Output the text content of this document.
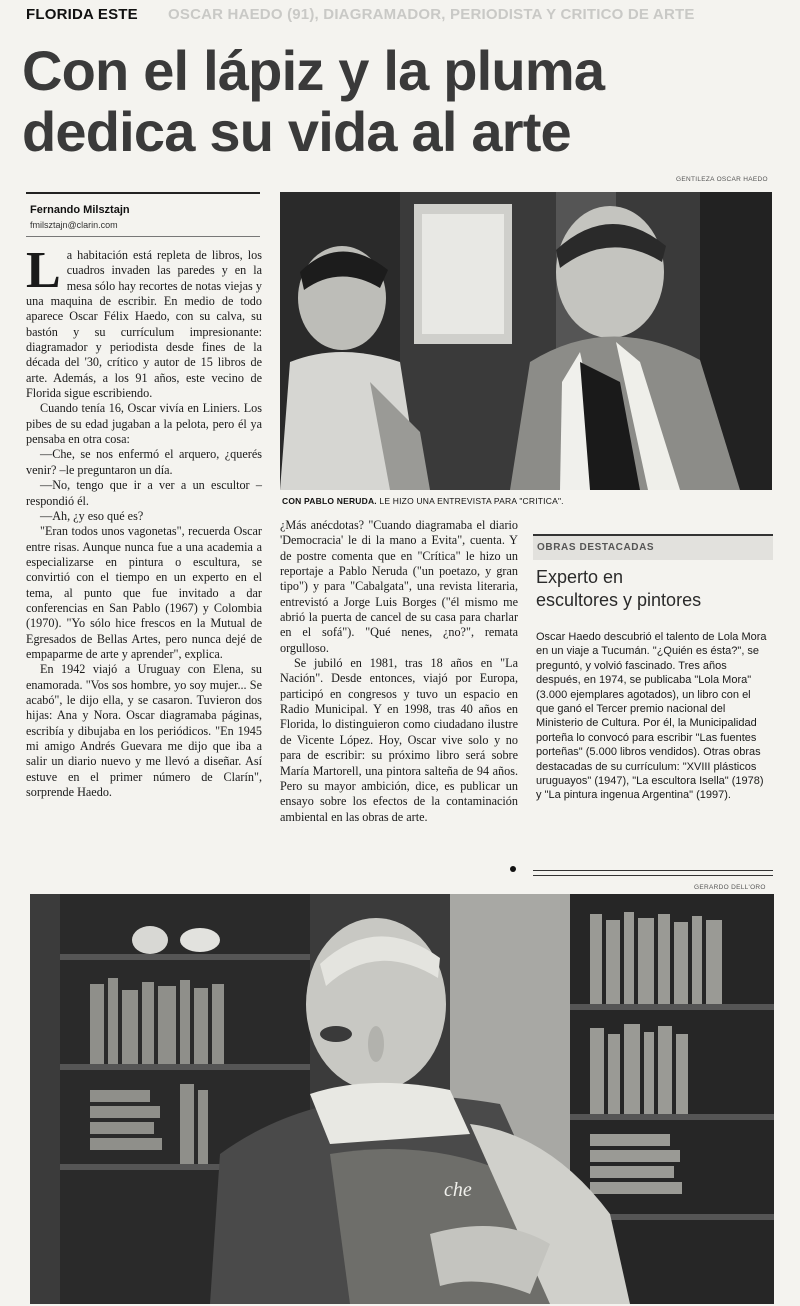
FLORIDA ESTE OSCAR HAEDO (91), DIAGRAMADOR, PERIODISTA Y CRITICO DE ARTE
Con el lápiz y la pluma
dedica su vida al arte
GENTILEZA OSCAR HAEDO
Fernando Milsztajn
fmilsztajn@clarin.com

La habitación está repleta de libros, los cuadros invaden las paredes y en la mesa sólo hay recortes de notas viejas y una maquina de escribir. En medio de todo aparece Oscar Félix Haedo, con su calva, su bastón y su currículum impresionante: diagramador y periodista desde fines de la década del '30, crítico y autor de 15 libros de arte. Además, a los 91 años, este vecino de Florida sigue escribiendo.

Cuando tenía 16, Oscar vivía en Liniers. Los pibes de su edad jugaban a la pelota, pero él ya pensaba en otra cosa:

—Che, se nos enfermó el arquero, ¿querés venir? –le preguntaron un día.

—No, tengo que ir a ver a un escultor –respondió él.

—Ah, ¿y eso qué es?

"Eran todos unos vagonetas", recuerda Oscar entre risas. Aunque nunca fue a una academia a especializarse en pintura o escultura, se convirtió con el tiempo en un experto en el tema, al punto que fue invitado a dar conferencias en San Pablo (1967) y Colombia (1970). "Yo sólo hice frescos en la Mutual de Egresados de Bellas Artes, pero nunca dejé de empaparme de arte y aprender", explica.

En 1942 viajó a Uruguay con Elena, su enamorada. "Vos sos hombre, yo soy mujer... Se acabó", le dijo ella, y se casaron. Tuvieron dos hijas: Ana y Nora. Oscar diagramaba páginas, escribía y dibujaba en los periódicos. "En 1945 mi amigo Andrés Guevara me dijo que iba a salir un diario nuevo y me llevó a diseñar. Así estuve en el primer número de Clarín", sorprende Haedo.

CON PABLO NERUDA. LE HIZO UNA ENTREVISTA PARA "CRITICA".

¿Más anécdotas? "Cuando diagramaba el diario 'Democracia' le di la mano a Evita", cuenta. Y de postre comenta que en "Crítica" le hizo un reportaje a Pablo Neruda ("un poetazo, y gran tipo") y para "Cabalgata", una revista literaria, entrevistó a Jorge Luis Borges ("él mismo me abrió la puerta de cancel de su casa para charlar en el sofá"). "Qué nenes, ¿no?", remata orgulloso.

Se jubiló en 1981, tras 18 años en "La Nación". Desde entonces, viajó por Europa, participó en congresos y tuvo un espacio en Radio Municipal. Y en 1998, tras 40 años en Florida, lo distinguieron como ciudadano ilustre de Vicente López. Hoy, Oscar vive solo y no para de escribir: su próximo libro será sobre María Martorell, una pintora salteña de 94 años. Pero su mayor ambición, dice, es publicar un ensayo sobre los efectos de la contaminación ambiental en las obras de arte.

OBRAS DESTACADAS
Experto en
escultores y pintores
Oscar Haedo descubrió el talento de Lola Mora en un viaje a Tucumán. "¿Quién es ésta?", se preguntó, y volvió fascinado. Tres años después, en 1974, se publicaba "Lola Mora" (3.000 ejemplares agotados), un libro con el que ganó el Tercer premio nacional del Ministerio de Cultura. Por él, la Municipalidad porteña lo convocó para escribir "Las fuentes porteñas" (5.000 libros vendidos). Otras obras destacadas de su currículum: "XVIII plásticos uruguayos" (1947), "La escultora Isella" (1978) y "La pintura ingenua Argentina" (1997).
GERARDO DELL'ORO
che
